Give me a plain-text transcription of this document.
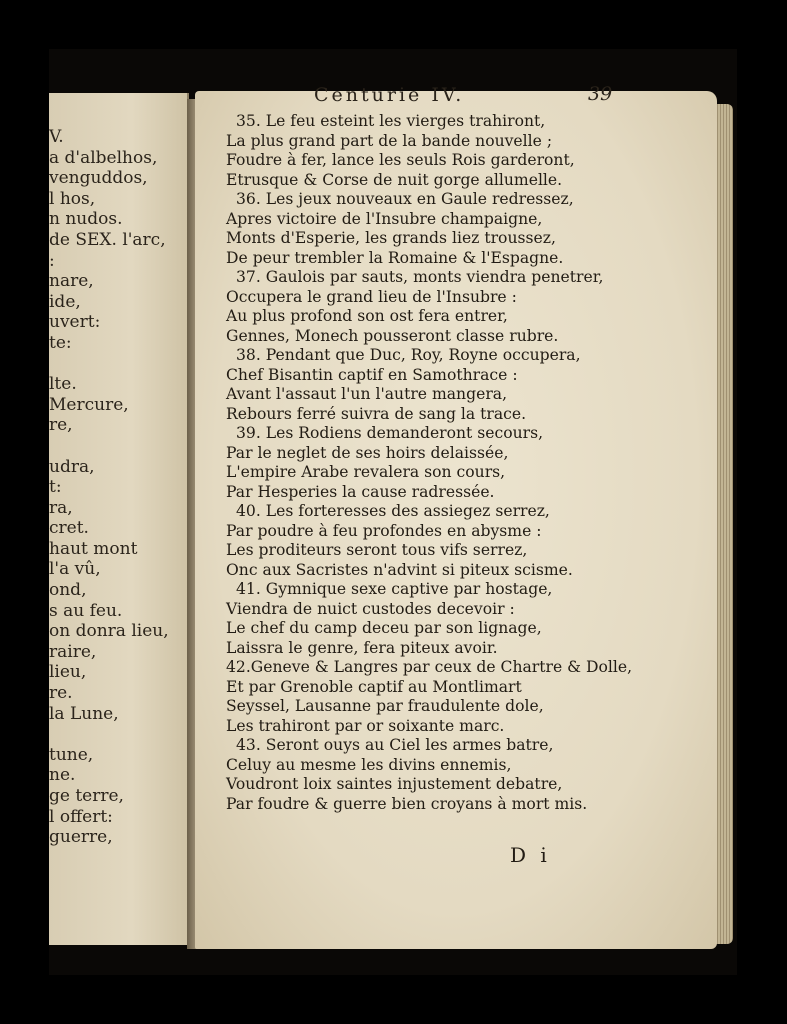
V.
a d'albelhos,
venguddos,
l hos,
n nudos.
de SEX. l'arc,
:
nare,
ide,
uvert:
te:
lte.
Mercure,
re,
udra,
t:
ra,
cret.
haut mont
l'a vû,
ond,
s au feu.
on donra lieu,
raire,
lieu,
re.
la Lune,
tune,
ne.
ge terre,
l offert:
guerre,
Centurie IV.	39
35. Le feu esteint les vierges trahiront,
La plus grand part de la bande nouvelle ;
Foudre à fer, lance les seuls Rois garderont,
Etrusque & Corse de nuit gorge allumelle.
36. Les jeux nouveaux en Gaule redressez,
Apres victoire de l'Insubre champaigne,
Monts d'Esperie, les grands liez troussez,
De peur trembler la Romaine & l'Espagne.
37. Gaulois par sauts, monts viendra penetrer,
Occupera le grand lieu de l'Insubre :
Au plus profond son ost fera entrer,
Gennes, Monech pousseront classe rubre.
38. Pendant que Duc, Roy, Royne occupera,
Chef Bisantin captif en Samothrace :
Avant l'assaut l'un l'autre mangera,
Rebours ferré suivra de sang la trace.
39. Les Rodiens demanderont secours,
Par le neglet de ses hoirs delaissée,
L'empire Arabe revalera son cours,
Par Hesperies la cause radressée.
40. Les forteresses des assiegez serrez,
Par poudre à feu profondes en abysme :
Les proditeurs seront tous vifs serrez,
Onc aux Sacristes n'advint si piteux scisme.
41. Gymnique sexe captive par hostage,
Viendra de nuict custodes decevoir :
Le chef du camp deceu par son lignage,
Laissra le genre, fera piteux avoir.
42.Geneve & Langres par ceux de Chartre & Dolle,
Et par Grenoble captif au Montlimart
Seyssel, Lausanne par fraudulente dole,
Les trahiront par or soixante marc.
43. Seront ouys au Ciel les armes batre,
Celuy au mesme les divins ennemis,
Voudront loix saintes injustement debatre,
Par foudre & guerre bien croyans à mort mis.
D i
